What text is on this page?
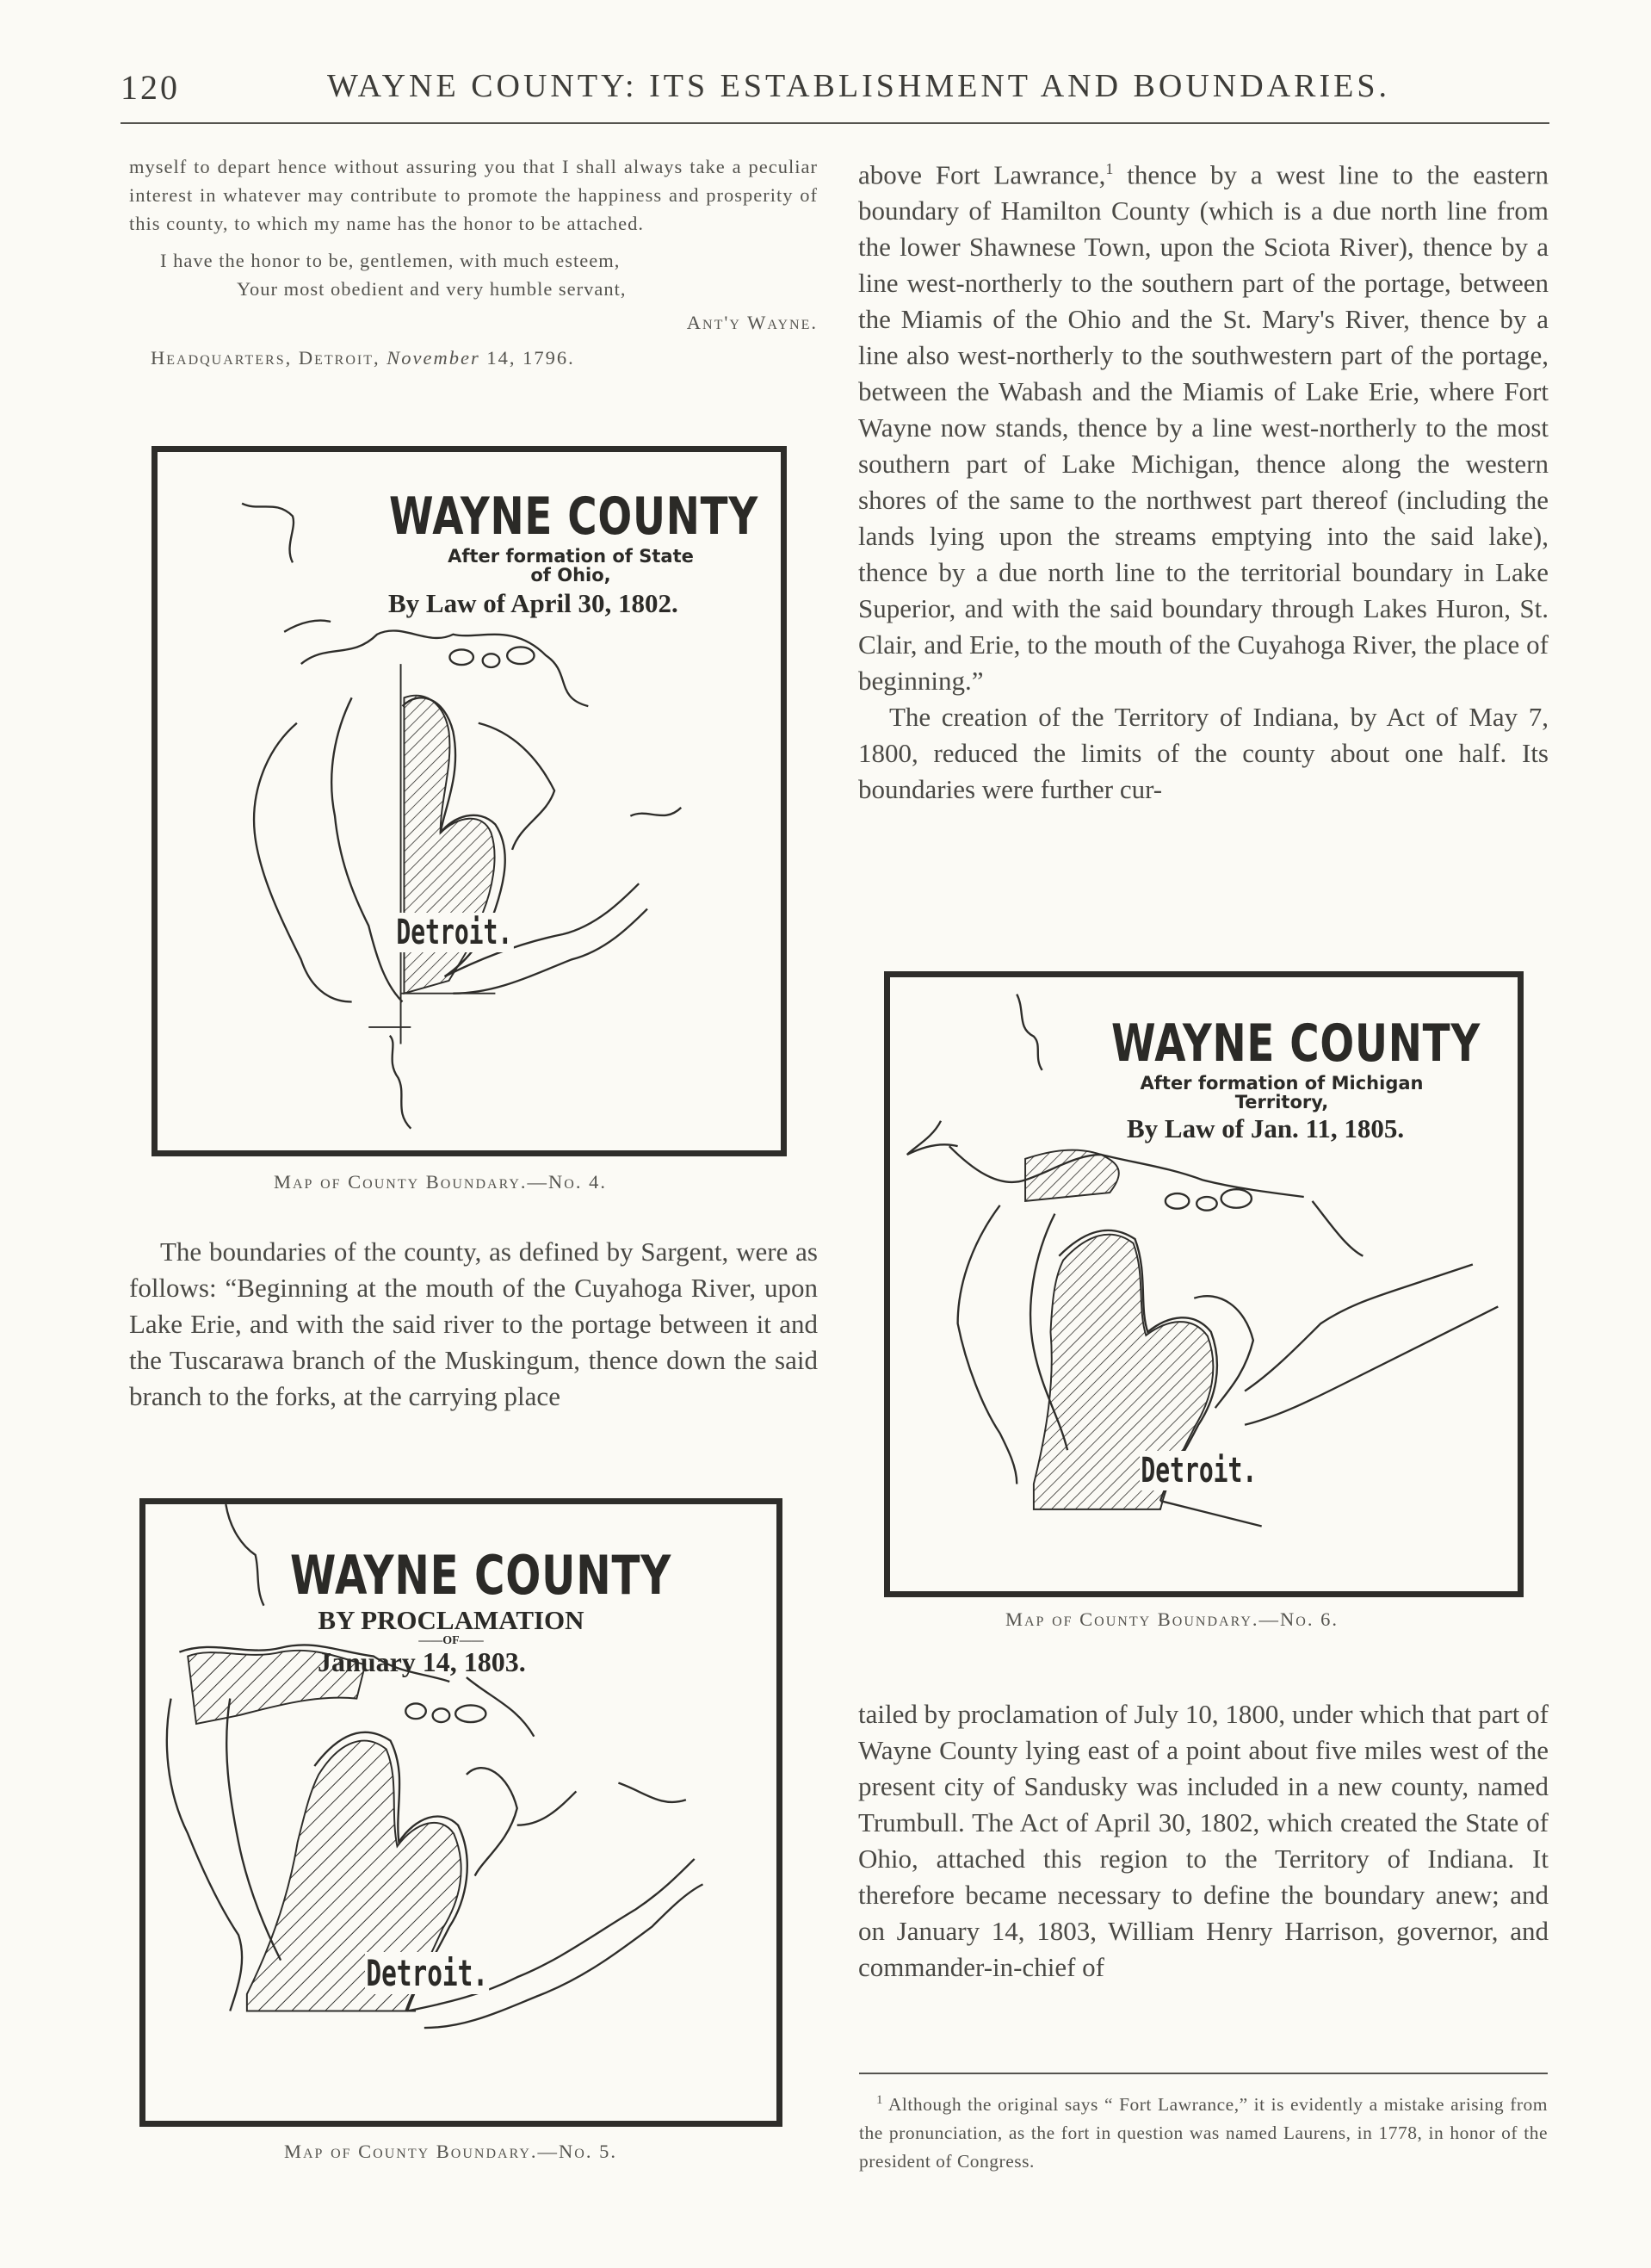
120	WAYNE COUNTY: ITS ESTABLISHMENT AND BOUNDARIES.

myself to depart hence without assuring you that I shall always take a peculiar interest in whatever may contribute to promote the happiness and prosperity of this county, to which my name has the honor to be attached.

I have the honor to be, gentlemen, with much esteem,

Your most obedient and very humble servant,

Ant'y Wayne.

Headquarters, Detroit, November 14, 1796.

WAYNE COUNTY
After formation of State
of Ohio,
By Law of April 30, 1802.
Detroit.
Map of County Boundary.—No. 4.

The boundaries of the county, as defined by Sargent, were as follows: “Beginning at the mouth of the Cuyahoga River, upon Lake Erie, and with the said river to the portage between it and the Tuscarawa branch of the Muskingum, thence down the said branch to the forks, at the carrying place

WAYNE COUNTY
BY PROCLAMATION
——OF——
January 14, 1803.
Detroit.
Map of County Boundary.—No. 5.

above Fort Lawrance,$^1$ thence by a west line to the eastern boundary of Hamilton County (which is a due north line from the lower Shawnese Town, upon the Sciota River), thence by a line west-northerly to the southern part of the portage, between the Miamis of the Ohio and the St. Mary's River, thence by a line also west-northerly to the southwestern part of the portage, between the Wabash and the Miamis of Lake Erie, where Fort Wayne now stands, thence by a line west-northerly to the most southern part of Lake Michigan, thence along the western shores of the same to the northwest part thereof (including the lands lying upon the streams emptying into the said lake), thence by a due north line to the territorial boundary in Lake Superior, and with the said boundary through Lakes Huron, St. Clair, and Erie, to the mouth of the Cuyahoga River, the place of beginning.”

The creation of the Territory of Indiana, by Act of May 7, 1800, reduced the limits of the county about one half. Its boundaries were further cur-

WAYNE COUNTY
After formation of Michigan
Territory,
By Law of Jan. 11, 1805.
Detroit.
Map of County Boundary.—No. 6.

tailed by proclamation of July 10, 1800, under which that part of Wayne County lying east of a point about five miles west of the present city of Sandusky was included in a new county, named Trumbull. The Act of April 30, 1802, which created the State of Ohio, attached this region to the Territory of Indiana. It therefore became necessary to define the boundary anew; and on January 14, 1803, William Henry Harrison, governor, and commander-in-chief of

$^1$ Although the original says “ Fort Lawrance,” it is evidently a mistake arising from the pronunciation, as the fort in question was named Laurens, in 1778, in honor of the president of Congress.
